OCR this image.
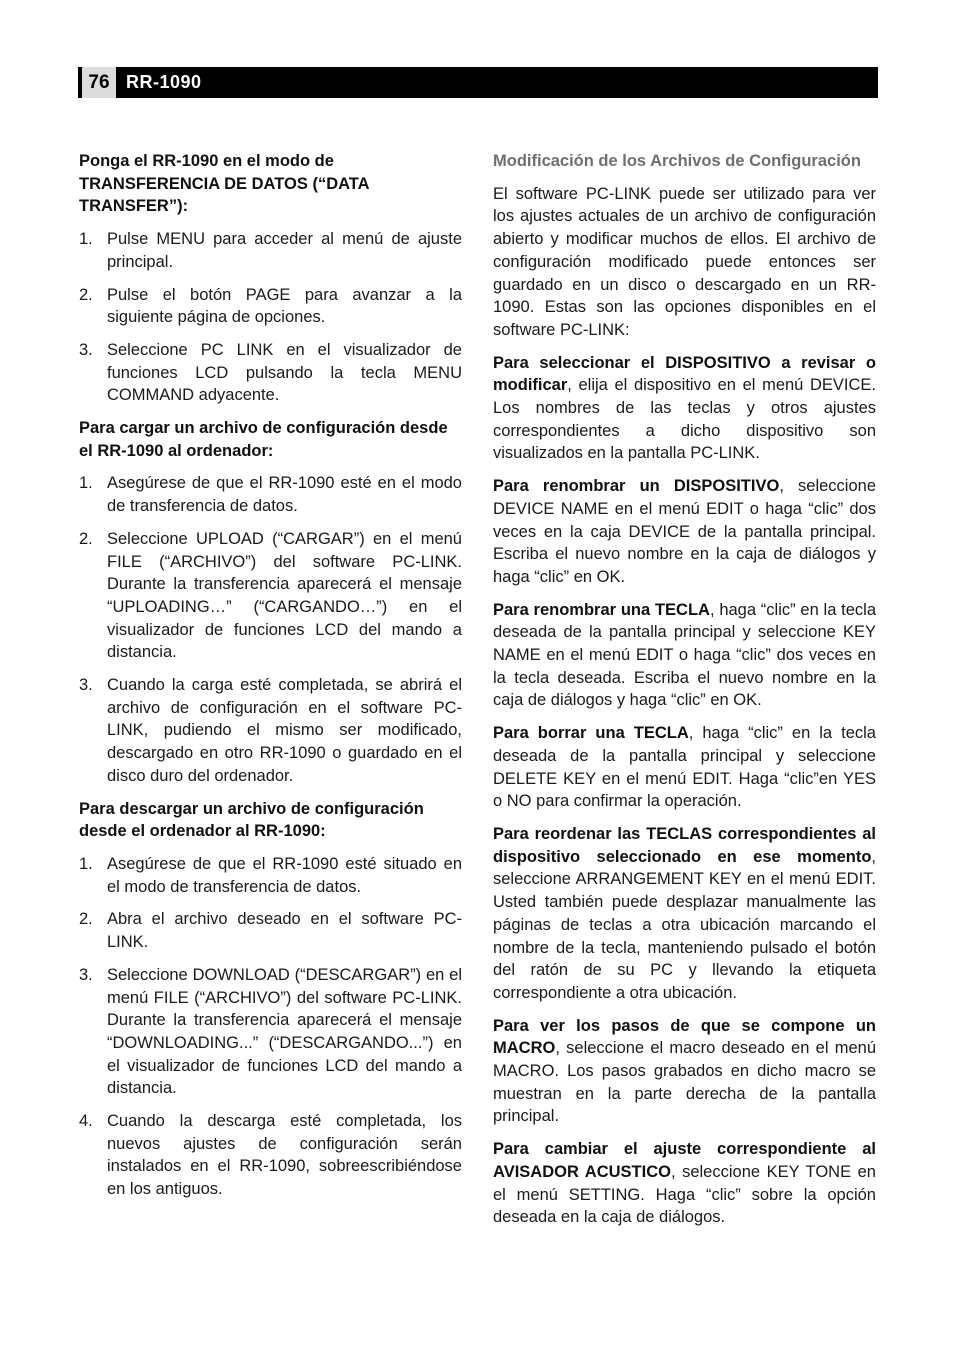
76 RR-1090
Ponga el RR-1090 en el modo de TRANSFERENCIA DE DATOS (“DATA TRANSFER”):
1. Pulse MENU para acceder al menú de ajuste principal.
2. Pulse el botón PAGE para avanzar a la siguiente página de opciones.
3. Seleccione PC LINK en el visualizador de funciones LCD pulsando la tecla MENU COMMAND adyacente.
Para cargar un archivo de configuración desde el RR-1090 al ordenador:
1. Asegúrese de que el RR-1090 esté en el modo de transferencia de datos.
2. Seleccione UPLOAD (“CARGAR”) en el menú FILE (“ARCHIVO”) del software PC-LINK. Durante la transferencia aparecerá el mensaje “UPLOADING…” (“CARGANDO…”) en el visualizador de funciones LCD del mando a distancia.
3. Cuando la carga esté completada, se abrirá el archivo de configuración en el software PC-LINK, pudiendo el mismo ser modificado, descargado en otro RR-1090 o guardado en el disco duro del ordenador.
Para descargar un archivo de configuración desde el ordenador al RR-1090:
1. Asegúrese de que el RR-1090 esté situado en el modo de transferencia de datos.
2. Abra el archivo deseado en el software PC-LINK.
3. Seleccione DOWNLOAD (“DESCARGAR”) en el menú FILE (“ARCHIVO”) del software PC-LINK. Durante la transferencia aparecerá el mensaje “DOWNLOADING...” (“DESCARGANDO...”) en el visualizador de funciones LCD del mando a distancia.
4. Cuando la descarga esté completada, los nuevos ajustes de configuración serán instalados en el RR-1090, sobreescribiéndose en los antiguos.
Modificación de los Archivos de Configuración

El software PC-LINK puede ser utilizado para ver los ajustes actuales de un archivo de configuración abierto y modificar muchos de ellos. El archivo de configuración modificado puede entonces ser guardado en un disco o descargado en un RR-1090. Estas son las opciones disponibles en el software PC-LINK:

Para seleccionar el DISPOSITIVO a revisar o modificar, elija el dispositivo en el menú DEVICE. Los nombres de las teclas y otros ajustes correspondientes a dicho dispositivo son visualizados en la pantalla PC-LINK.

Para renombrar un DISPOSITIVO, seleccione DEVICE NAME en el menú EDIT o haga “clic” dos veces en la caja DEVICE de la pantalla principal. Escriba el nuevo nombre en la caja de diálogos y haga “clic” en OK.

Para renombrar una TECLA, haga “clic” en la tecla deseada de la pantalla principal y seleccione KEY NAME en el menú EDIT o haga “clic” dos veces en la tecla deseada. Escriba el nuevo nombre en la caja de diálogos y haga “clic” en OK.

Para borrar una TECLA, haga “clic” en la tecla deseada de la pantalla principal y seleccione DELETE KEY en el menú EDIT. Haga “clic”en YES o NO para confirmar la operación.

Para reordenar las TECLAS correspondientes al dispositivo seleccionado en ese momento, seleccione ARRANGEMENT KEY en el menú EDIT. Usted también puede desplazar manualmente las páginas de teclas a otra ubicación marcando el nombre de la tecla, manteniendo pulsado el botón del ratón de su PC y llevando la etiqueta correspondiente a otra ubicación.

Para ver los pasos de que se compone un MACRO, seleccione el macro deseado en el menú MACRO. Los pasos grabados en dicho macro se muestran en la parte derecha de la pantalla principal.

Para cambiar el ajuste correspondiente al AVISADOR ACUSTICO, seleccione KEY TONE en el menú SETTING. Haga “clic” sobre la opción deseada en la caja de diálogos.
